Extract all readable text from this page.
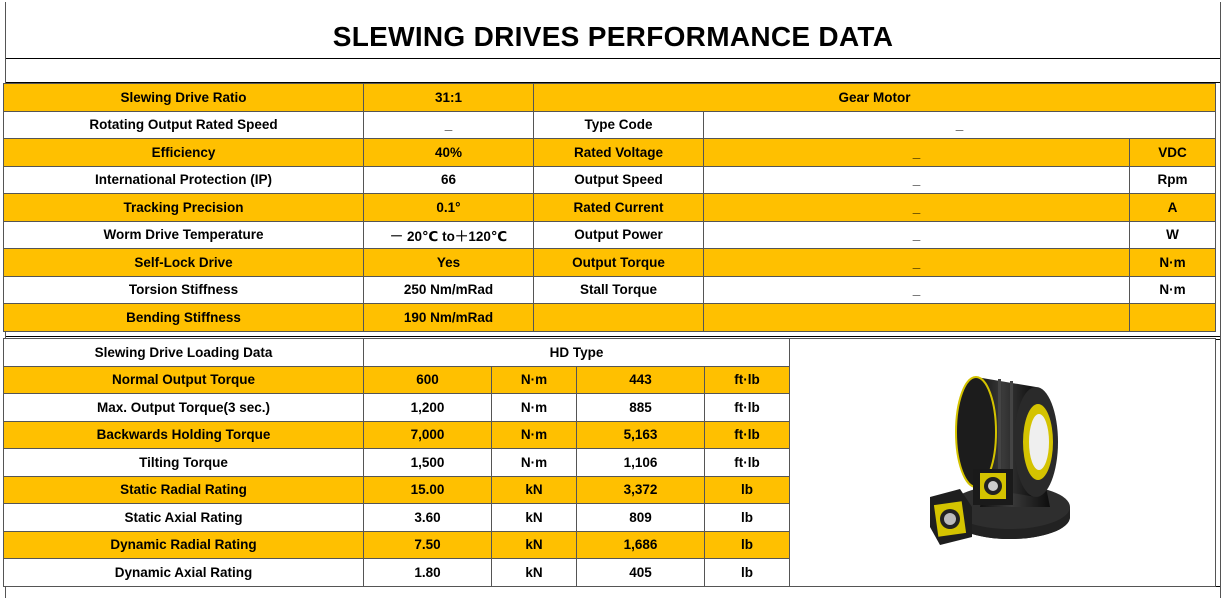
SLEWING DRIVES PERFORMANCE DATA
Slewing Drive Ratio	31:1	Gear Motor		
Rotating Output Rated Speed	_	Type Code	_	
Efficiency	40%	Rated Voltage	_	VDC
International Protection (IP)	66	Output Speed	_	Rpm
Tracking Precision	0.1°	Rated Current	_	A
Worm Drive Temperature	－ 20℃ to＋120℃	Output Power	_	W
Self-Lock Drive	Yes	Output Torque	_	N·m
Torsion Stiffness	250 Nm/mRad	Stall Torque	_	N·m
Bending Stiffness	190 Nm/mRad			
Slewing Drive Loading Data	HD Type	

Normal Output Torque	600	N·m	443	ft·lb	
Max. Output Torque(3 sec.)	1,200	N·m	885	ft·lb	
Backwards Holding Torque	7,000	N·m	5,163	ft·lb	
Tilting Torque	1,500	N·m	1,106	ft·lb	
Static Radial Rating	15.00	kN	3,372	lb	
Static Axial Rating	3.60	kN	809	lb	
Dynamic Radial Rating	7.50	kN	1,686	lb	
Dynamic Axial Rating	1.80	kN	405	lb	
